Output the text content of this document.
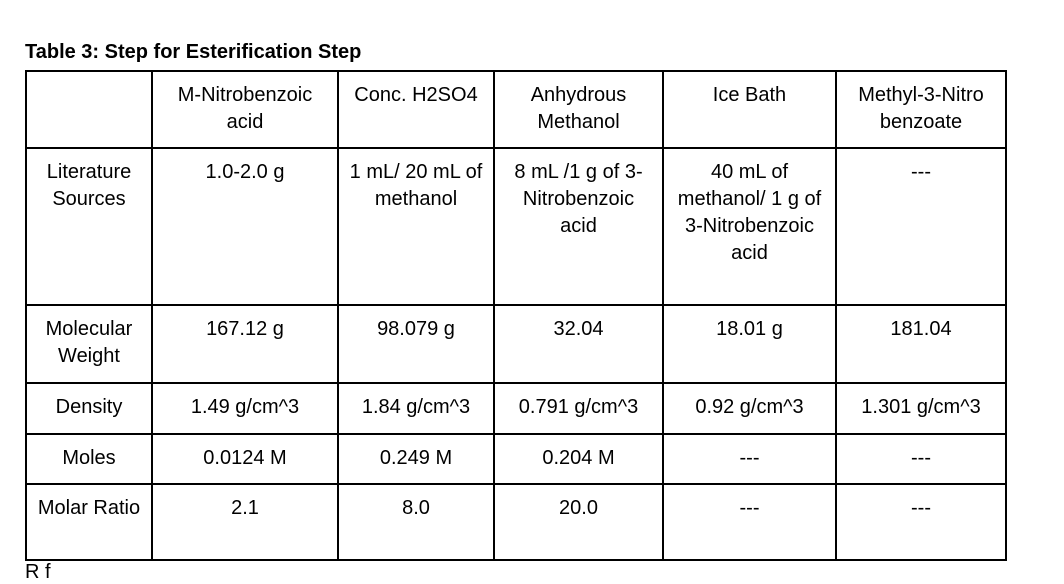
Table 3: Step for Esterification Step
	M-Nitrobenzoic acid	Conc. H2SO4	Anhydrous Methanol	Ice Bath	Methyl-3-Nitro benzoate
Literature Sources	1.0-2.0 g	1 mL/ 20 mL of methanol	8 mL /1 g of 3-Nitrobenzoic acid	40 mL of methanol/ 1 g of 3-Nitrobenzoic acid	---
Molecular Weight	167.12 g	98.079 g	32.04	18.01 g	181.04
Density	1.49 g/cm^3	1.84 g/cm^3	0.791 g/cm^3	0.92 g/cm^3	1.301 g/cm^3
Moles	0.0124 M	0.249 M	0.204 M	---	---
Molar Ratio	2.1	8.0	20.0	---	---
R f
